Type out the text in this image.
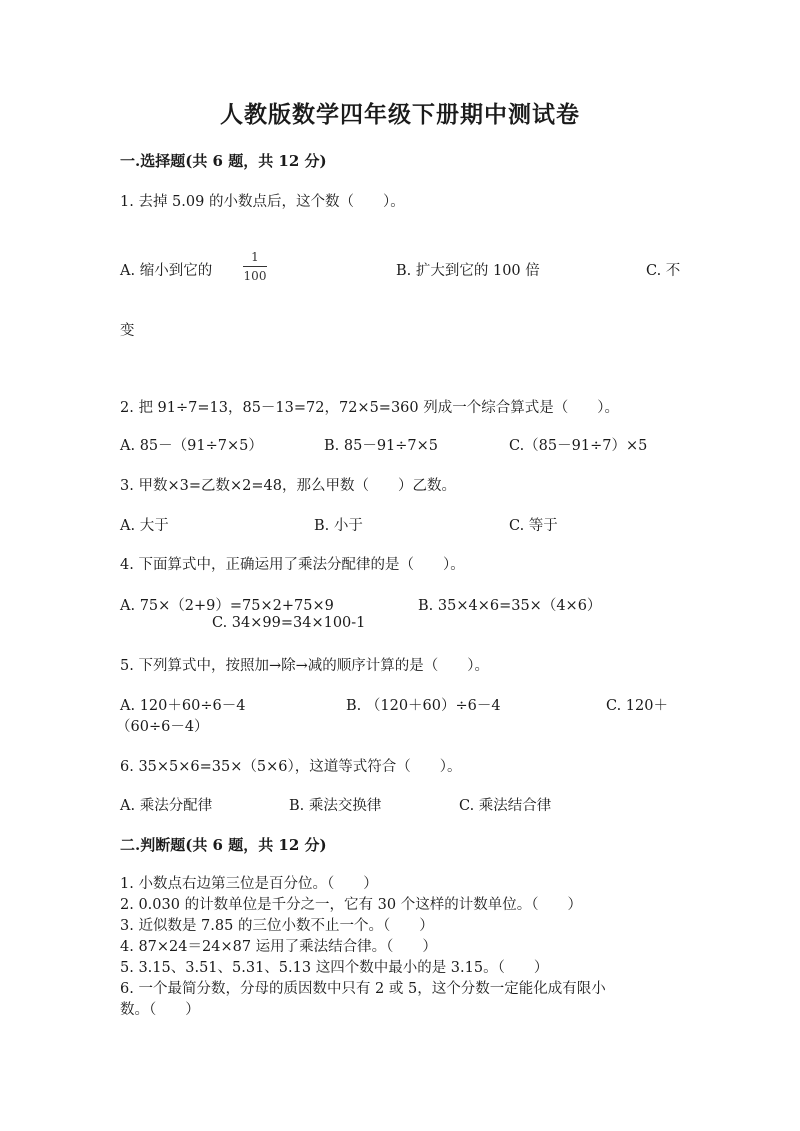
人教版数学四年级下册期中测试卷
一.选择题(共 6 题，共 12 分)
1. 去掉 5.09 的小数点后，这个数（　　）。
A. 缩小到它的
1
100	B. 扩大到它的 100 倍	C. 不
变
2. 把 91÷7=13，85－13=72，72×5=360 列成一个综合算式是（　　）。
A. 85－（91÷7×5）	B. 85－91÷7×5	C.（85－91÷7）×5
3. 甲数×3=乙数×2=48，那么甲数（　　）乙数。
A. 大于	B. 小于	C. 等于
4. 下面算式中，正确运用了乘法分配律的是（　　）。
A. 75×（2+9）=75×2+75×9	B. 35×4×6=35×（4×6）
C. 34×99=34×100-1
5. 下列算式中，按照加→除→减的顺序计算的是（　　）。
A. 120＋60÷6－4	B. （120＋60）÷6－4	C. 120＋
（60÷6－4）
6. 35×5×6=35×（5×6），这道等式符合（　　）。
A. 乘法分配律	B. 乘法交换律	C. 乘法结合律
二.判断题(共 6 题，共 12 分)
1. 小数点右边第三位是百分位。（　　）
2. 0.030 的计数单位是千分之一，它有 30 个这样的计数单位。（　　）
3. 近似数是 7.85 的三位小数不止一个。（　　）
4. 87×24＝24×87 运用了乘法结合律。（　　）
5. 3.15、3.51、5.31、5.13 这四个数中最小的是 3.15。（　　）
6. 一个最简分数，分母的质因数中只有 2 或 5，这个分数一定能化成有限小
数。（　　）
